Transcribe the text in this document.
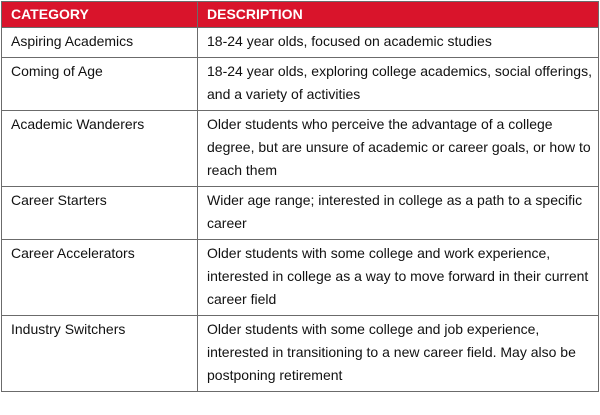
CATEGORY	DESCRIPTION
Aspiring Academics	18-24 year olds, focused on academic studies
Coming of Age	18-24 year olds, exploring college academics, social offerings, and a variety of activities
Academic Wanderers	Older students who perceive the advantage of a college degree, but are unsure of academic or career goals, or how to reach them
Career Starters	Wider age range; interested in college as a path to a specific career
Career Accelerators	Older students with some college and work experience, interested in college as a way to move forward in their current career field
Industry Switchers	Older students with some college and job experience, interested in transitioning to a new career field. May also be postponing retirement
